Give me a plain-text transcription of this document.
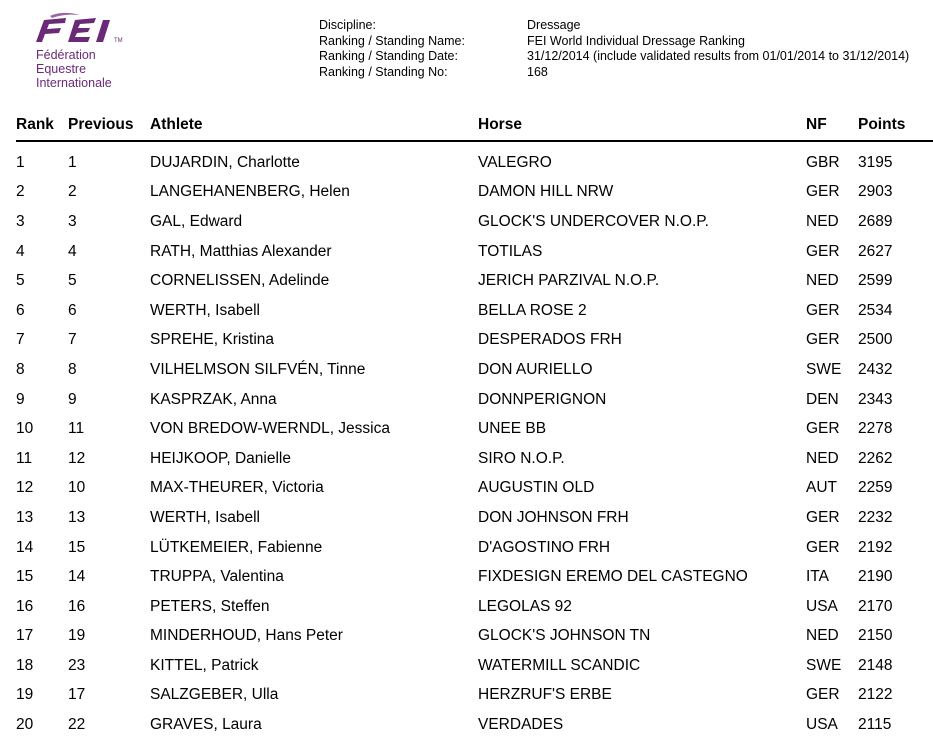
TM
Fédération
Equestre
Internationale
Discipline:	Dressage
Ranking / Standing Name:	FEI World Individual Dressage Ranking
Ranking / Standing Date:	31/12/2014 (include validated results from 01/01/2014 to 31/12/2014)
Ranking / Standing No:	168
Rank	Previous	Athlete	Horse	NF	Points
1	1	DUJARDIN, Charlotte	VALEGRO	GBR	3195
2	2	LANGEHANENBERG, Helen	DAMON HILL NRW	GER	2903
3	3	GAL, Edward	GLOCK'S UNDERCOVER N.O.P.	NED	2689
4	4	RATH, Matthias Alexander	TOTILAS	GER	2627
5	5	CORNELISSEN, Adelinde	JERICH PARZIVAL N.O.P.	NED	2599
6	6	WERTH, Isabell	BELLA ROSE 2	GER	2534
7	7	SPREHE, Kristina	DESPERADOS FRH	GER	2500
8	8	VILHELMSON SILFVÉN, Tinne	DON AURIELLO	SWE	2432
9	9	KASPRZAK, Anna	DONNPERIGNON	DEN	2343
10	11	VON BREDOW-WERNDL, Jessica	UNEE BB	GER	2278
11	12	HEIJKOOP, Danielle	SIRO N.O.P.	NED	2262
12	10	MAX-THEURER, Victoria	AUGUSTIN OLD	AUT	2259
13	13	WERTH, Isabell	DON JOHNSON FRH	GER	2232
14	15	LÜTKEMEIER, Fabienne	D'AGOSTINO FRH	GER	2192
15	14	TRUPPA, Valentina	FIXDESIGN EREMO DEL CASTEGNO	ITA	2190
16	16	PETERS, Steffen	LEGOLAS 92	USA	2170
17	19	MINDERHOUD, Hans Peter	GLOCK'S JOHNSON TN	NED	2150
18	23	KITTEL, Patrick	WATERMILL SCANDIC	SWE	2148
19	17	SALZGEBER, Ulla	HERZRUF'S ERBE	GER	2122
20	22	GRAVES, Laura	VERDADES	USA	2115
